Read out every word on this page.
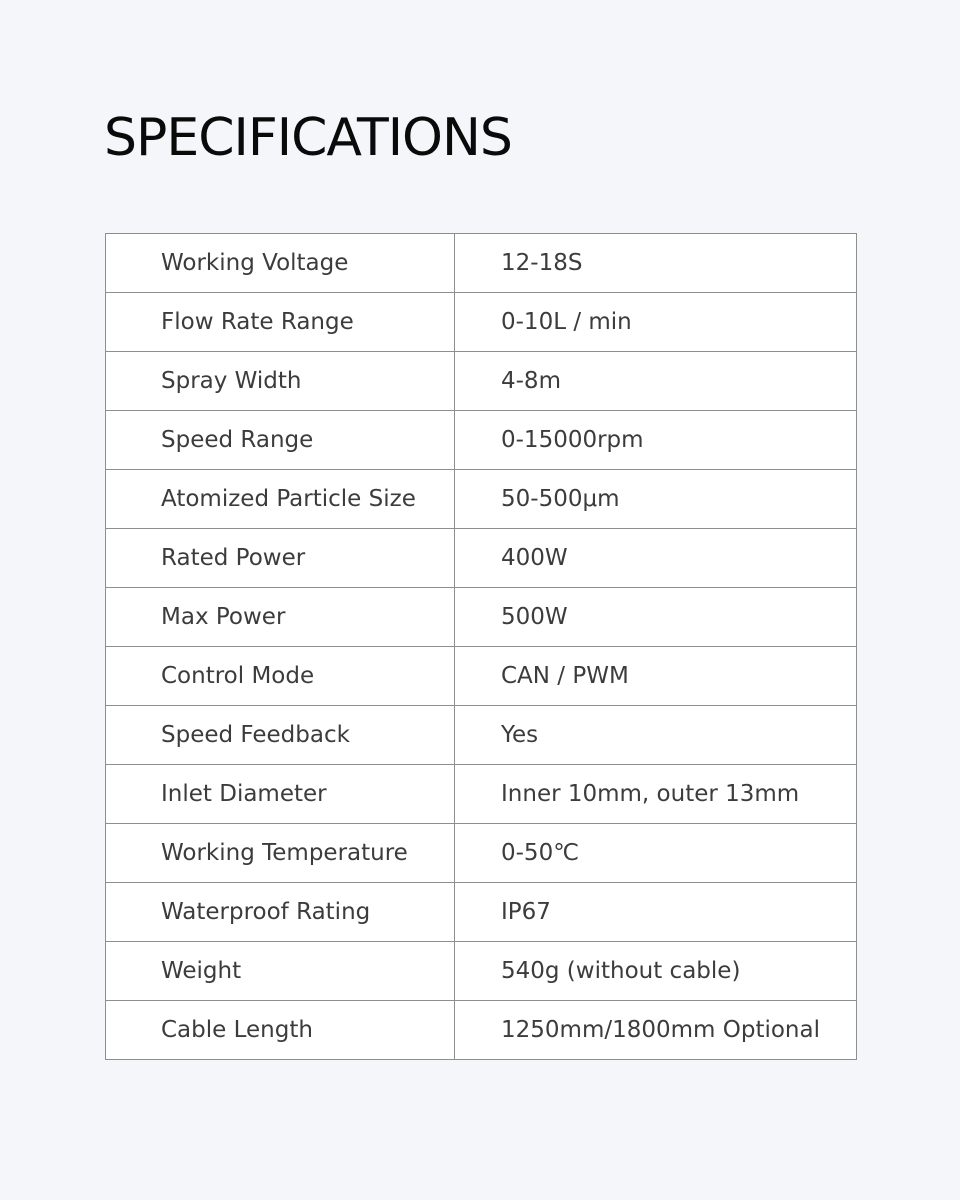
SPECIFICATIONS
Working Voltage	12-18S
Flow Rate Range	0-10L / min
Spray Width	4-8m
Speed Range	0-15000rpm
Atomized Particle Size	50-500μm
Rated Power	400W
Max Power	500W
Control Mode	CAN / PWM
Speed Feedback	Yes
Inlet Diameter	Inner 10mm, outer 13mm
Working Temperature	0-50℃
Waterproof Rating	IP67
Weight	540g (without cable)
Cable Length	1250mm/1800mm Optional
